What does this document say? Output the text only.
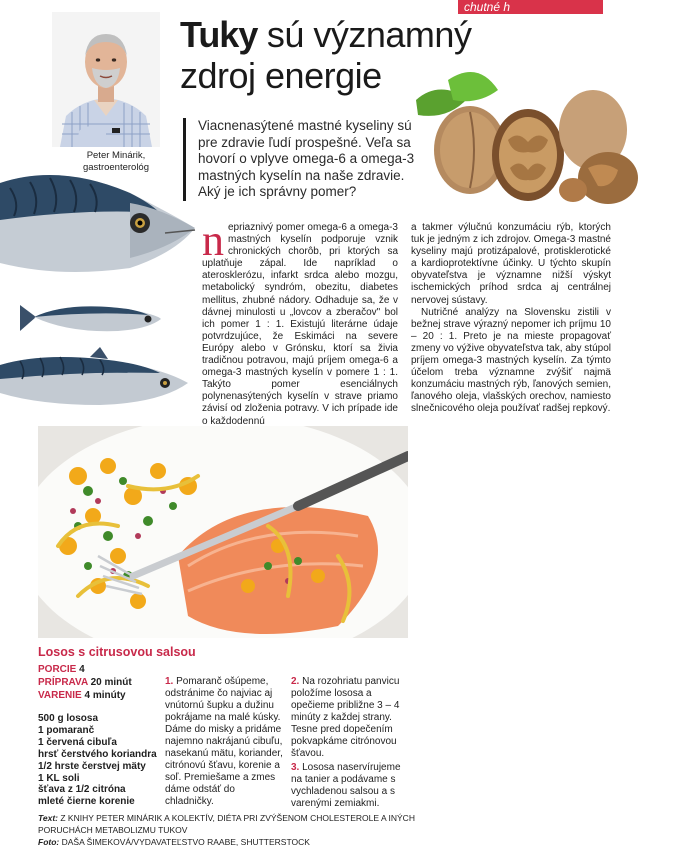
chutné h
Peter Minárik,
gastroenterológ
Tuky sú významný
zdroj energie
Viacnenasýtené mastné kyseliny sú pre zdravie ľudí prospešné. Veľa sa hovorí o vplyve omega-6 a omega-3 mastných kyselín na naše zdravie. Aký je ich správny pomer?
nepriaznivý pomer omega-6 a omega-3 mastných kyselín podporuje vznik chronických chorôb, pri ktorých sa uplatňuje zápal. Ide napríklad o aterosklerózu, infarkt srdca alebo mozgu, metabolický syndróm, obezitu, diabetes mellitus, zhubné nádory. Odhaduje sa, že v dávnej minulosti u „lovcov a zberačov" bol ich pomer 1 : 1. Existujú literárne údaje potvrdzujúce, že Eskimáci na severe Európy alebo v Grónsku, ktorí sa živia tradičnou potravou, majú príjem omega-6 a omega-3 mastných kyselín v pomere 1 : 1. Takýto pomer esenciálnych polynenasýtených kyselín v strave priamo závisí od zloženia potravy. V ich prípade ide o každodennú

a takmer výlučnú konzumáciu rýb, ktorých tuk je jedným z ich zdrojov. Omega-3 mastné kyseliny majú protizápalové, protisklerotické a kardioprotektívne účinky. U týchto skupín obyvateľstva je významne nižší výskyt ischemických príhod srdca aj centrálnej nervovej sústavy.

Nutričné analýzy na Slovensku zistili v bežnej strave výrazný nepomer ich príjmu 10 – 20 : 1. Preto je na mieste propagovať zmeny vo výžive obyvateľstva tak, aby stúpol príjem omega-3 mastných kyselín. Za týmto účelom treba významne zvýšiť najmä konzumáciu mastných rýb, ľanových semien, ľanového oleja, vlašských orechov, namiesto slnečnicového oleja používať radšej repkový.

Losos s citrusovou salsou
PORCIE 4
PRÍPRAVA 20 minút
VARENIE 4 minúty
500 g lososa
1 pomaranč
1 červená cibuľa
hrsť čerstvého koriandra
1/2 hrste čerstvej mäty
1 KL soli
šťava z 1/2 citróna
mleté čierne korenie
1. Pomaranč ošúpeme, odstránime čo najviac aj vnútornú šupku a dužinu pokrájame na malé kúsky. Dáme do misky a pridáme najemno nakrájanú cibuľu, nasekanú mätu, koriander, citrónovú šťavu, korenie a soľ. Premiešame a zmes dáme odstáť do chladničky.
2. Na rozohriatu panvicu položíme lososa a opečieme približne 3 – 4 minúty z každej strany. Tesne pred dopečením pokvapkáme citrónovou šťavou.
3. Lososa naservírujeme na tanier a podávame s vychladenou salsou a s varenými zemiakmi.
Text: Z KNIHY PETER MINÁRIK A KOLEKTÍV, DIÉTA PRI ZVÝŠENOM CHOLESTEROLE A INÝCH PORUCHÁCH METABOLIZMU TUKOV
Foto: DAŠA ŠIMEKOVÁ/VYDAVATEĽSTVO RAABE, SHUTTERSTOCK
